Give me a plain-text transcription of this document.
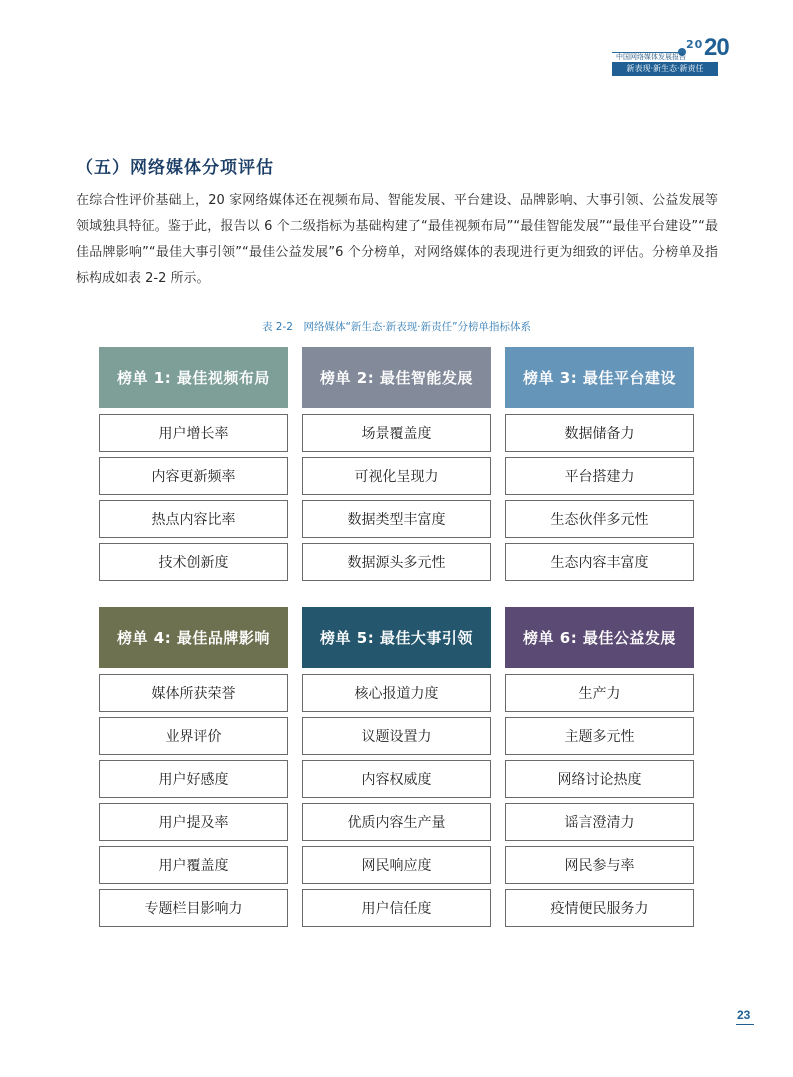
20 20
中国网络媒体发展报告
新表现·新生态·新责任
（五）网络媒体分项评估

在综合性评价基础上，20 家网络媒体还在视频布局、智能发展、平台建设、品牌影响、大事引领、公益发展等领域独具特征。鉴于此，报告以 6 个二级指标为基础构建了“最佳视频布局”“最佳智能发展”“最佳平台建设”“最佳品牌影响”“最佳大事引领”“最佳公益发展”6 个分榜单，对网络媒体的表现进行更为细致的评估。分榜单及指标构成如表 2-2 所示。

表 2-2　网络媒体“新生态·新表现·新责任”分榜单指标体系
榜单 1: 最佳视频布局
用户增长率
内容更新频率
热点内容比率
技术创新度
榜单 2: 最佳智能发展
场景覆盖度
可视化呈现力
数据类型丰富度
数据源头多元性
榜单 3: 最佳平台建设
数据储备力
平台搭建力
生态伙伴多元性
生态内容丰富度
榜单 4: 最佳品牌影响
媒体所获荣誉
业界评价
用户好感度
用户提及率
用户覆盖度
专题栏目影响力
榜单 5: 最佳大事引领
核心报道力度
议题设置力
内容权威度
优质内容生产量
网民响应度
用户信任度
榜单 6: 最佳公益发展
生产力
主题多元性
网络讨论热度
谣言澄清力
网民参与率
疫情便民服务力
23
